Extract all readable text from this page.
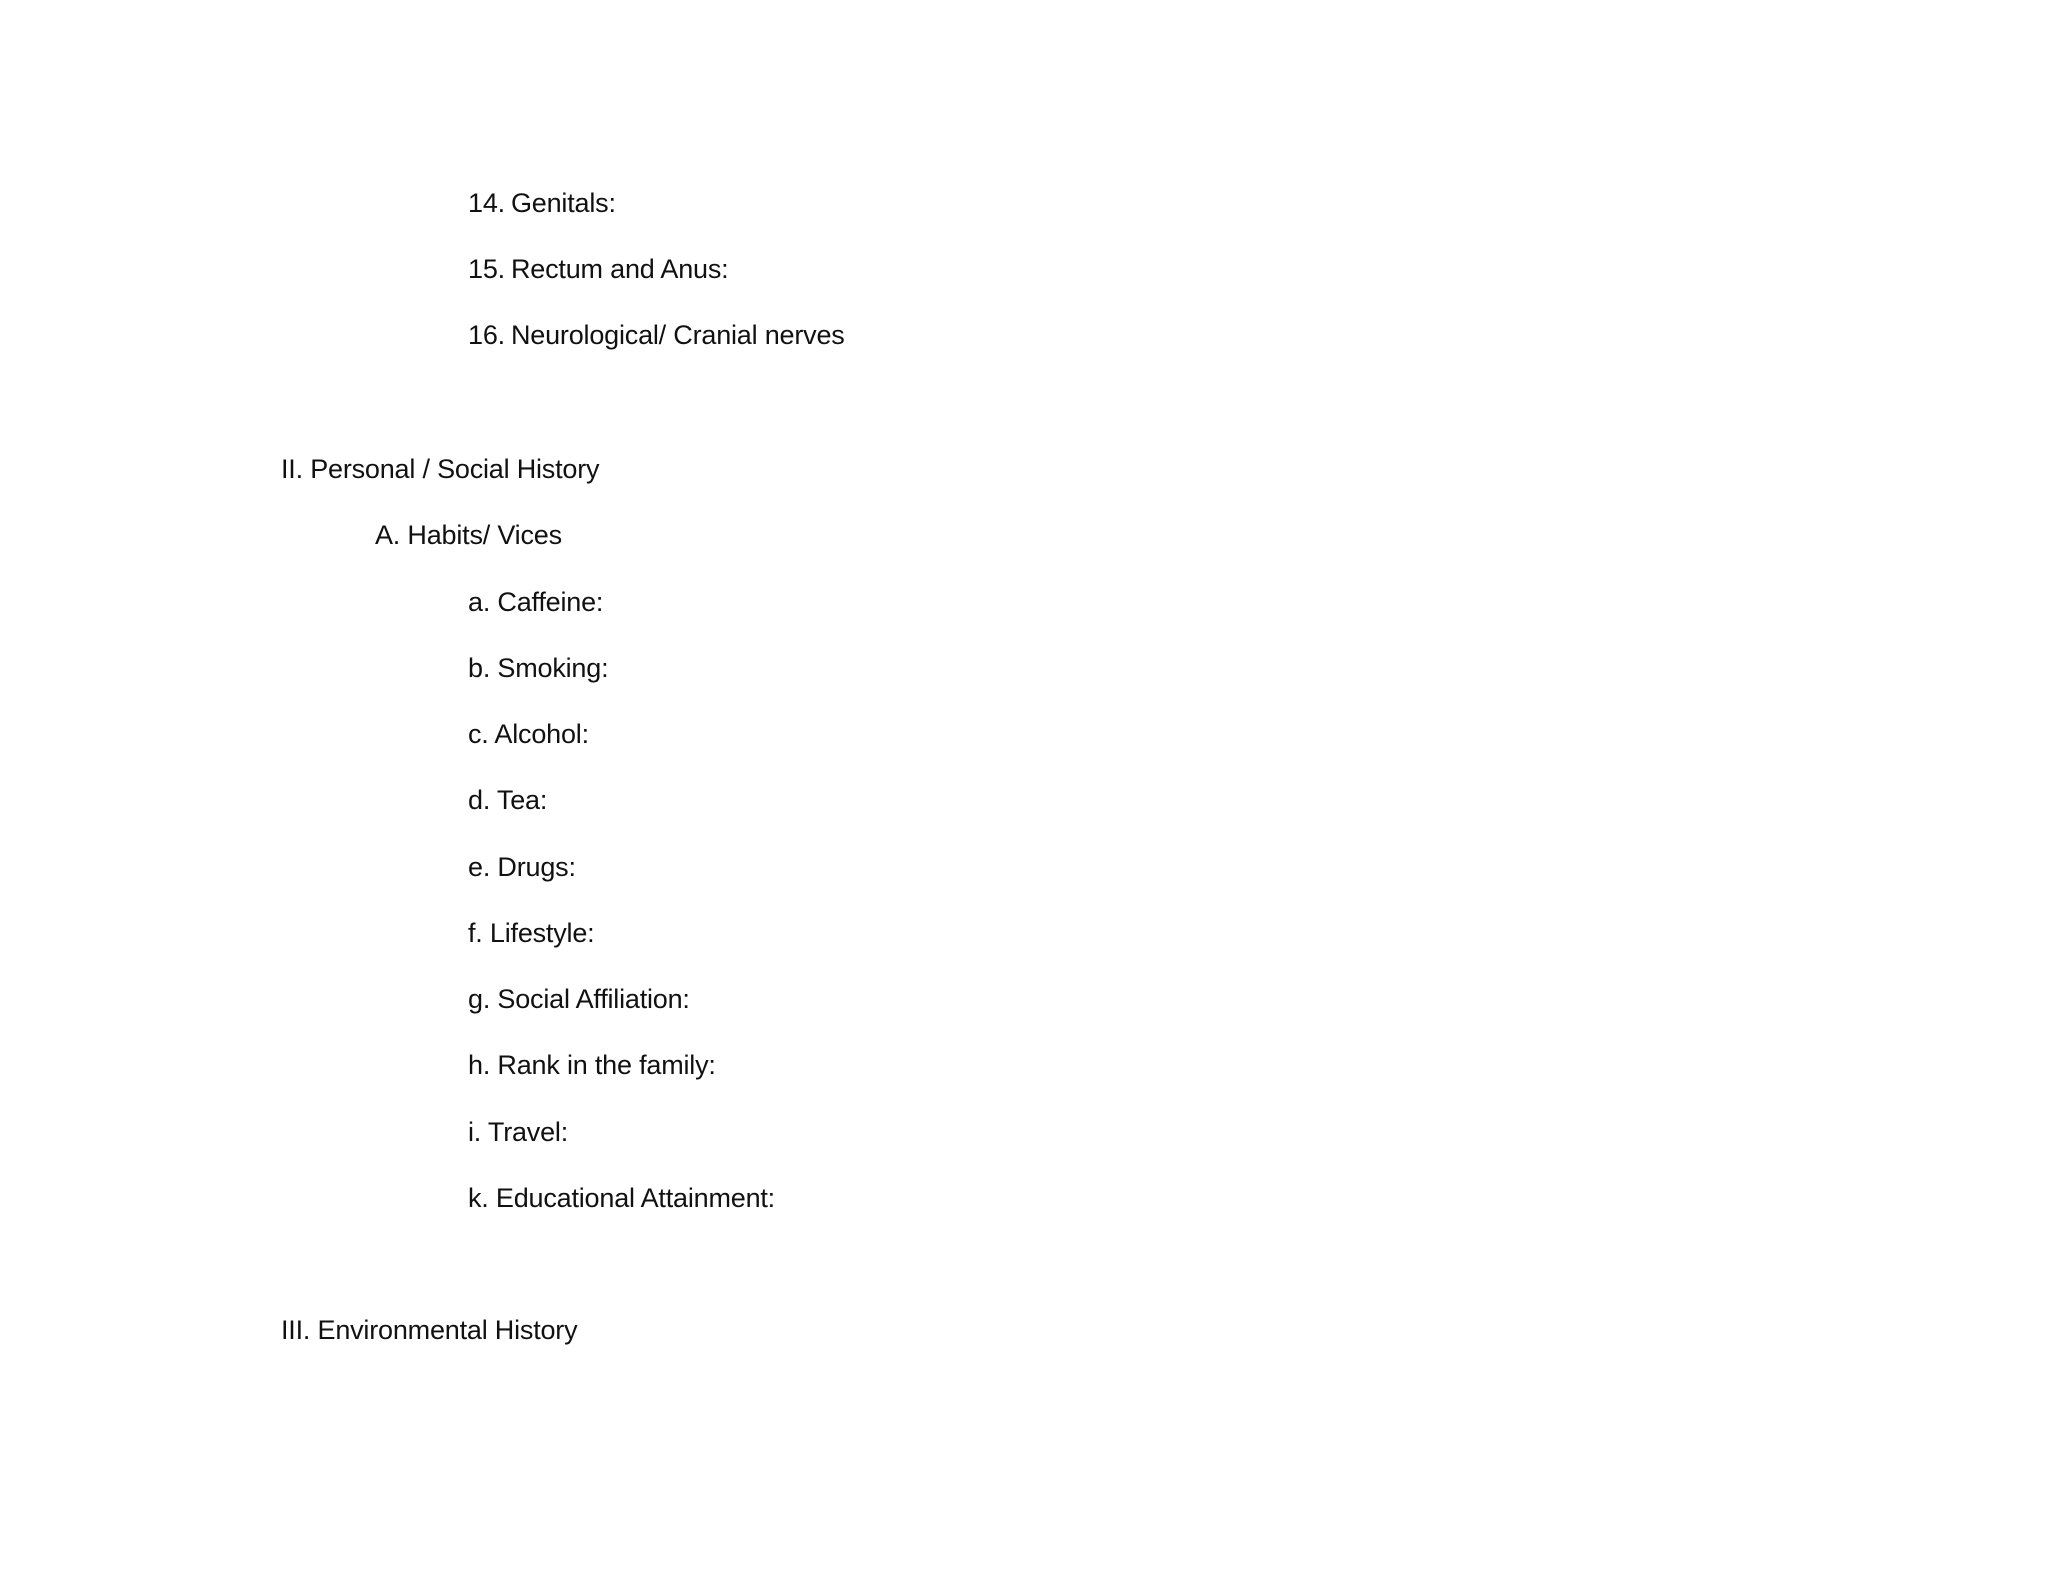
14. Genitals:
15. Rectum and Anus:
16. Neurological/ Cranial nerves
II. Personal / Social History
A. Habits/ Vices
a. Caffeine:
b. Smoking:
c. Alcohol:
d. Tea:
e. Drugs:
f. Lifestyle:
g. Social Affiliation:
h. Rank in the family:
i. Travel:
k. Educational Attainment:
III. Environmental History
